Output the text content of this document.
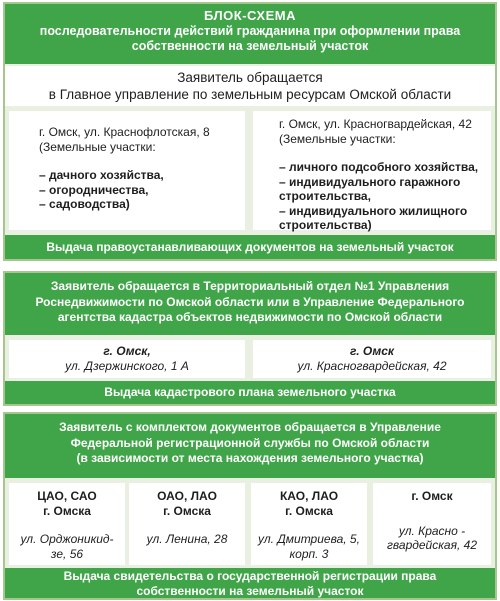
БЛОК-СХЕМА
последовательности действий гражданина при оформлении права
собственности на земельный участок
Заявитель обращается
в Главное управление по земельным ресурсам Омской области
г. Омск, ул. Краснофлотская, 8
(Земельные участки:
– дачного хозяйства,
– огородничества,
– садоводства)
г. Омск, ул. Красногвардейская, 42
(Земельные участки:
– личного подсобного хозяйства,
– индивидуального гаражного
строительства,
– индивидуального жилищного
строительства)
Выдача правоустанавливающих документов на земельный участок
Заявитель обращается в Территориальный отдел №1 Управления
Роснедвижимости по Омской области или в Управление Федерального
агентства кадастра объектов недвижимости по Омской области
г. Омск,
ул. Дзержинского, 1 А
г. Омск
ул. Красногвардейская, 42
Выдача кадастрового плана земельного участка
Заявитель с комплектом документов обращается в Управление
Федеральной регистрационной службы по Омской области
(в зависимости от места нахождения земельного участка)
ЦАО, САО
г. Омска
ул. Орджоникид-
зе, 56
ОАО, ЛАО
г. Омска
ул. Ленина, 28
КАО, ЛАО
г. Омска
ул. Дмитриева, 5,
корп. 3
г. Омск
ул. Красно -
гвардейская, 42
Выдача свидетельства о государственной регистрации права
собственности на земельный участок
